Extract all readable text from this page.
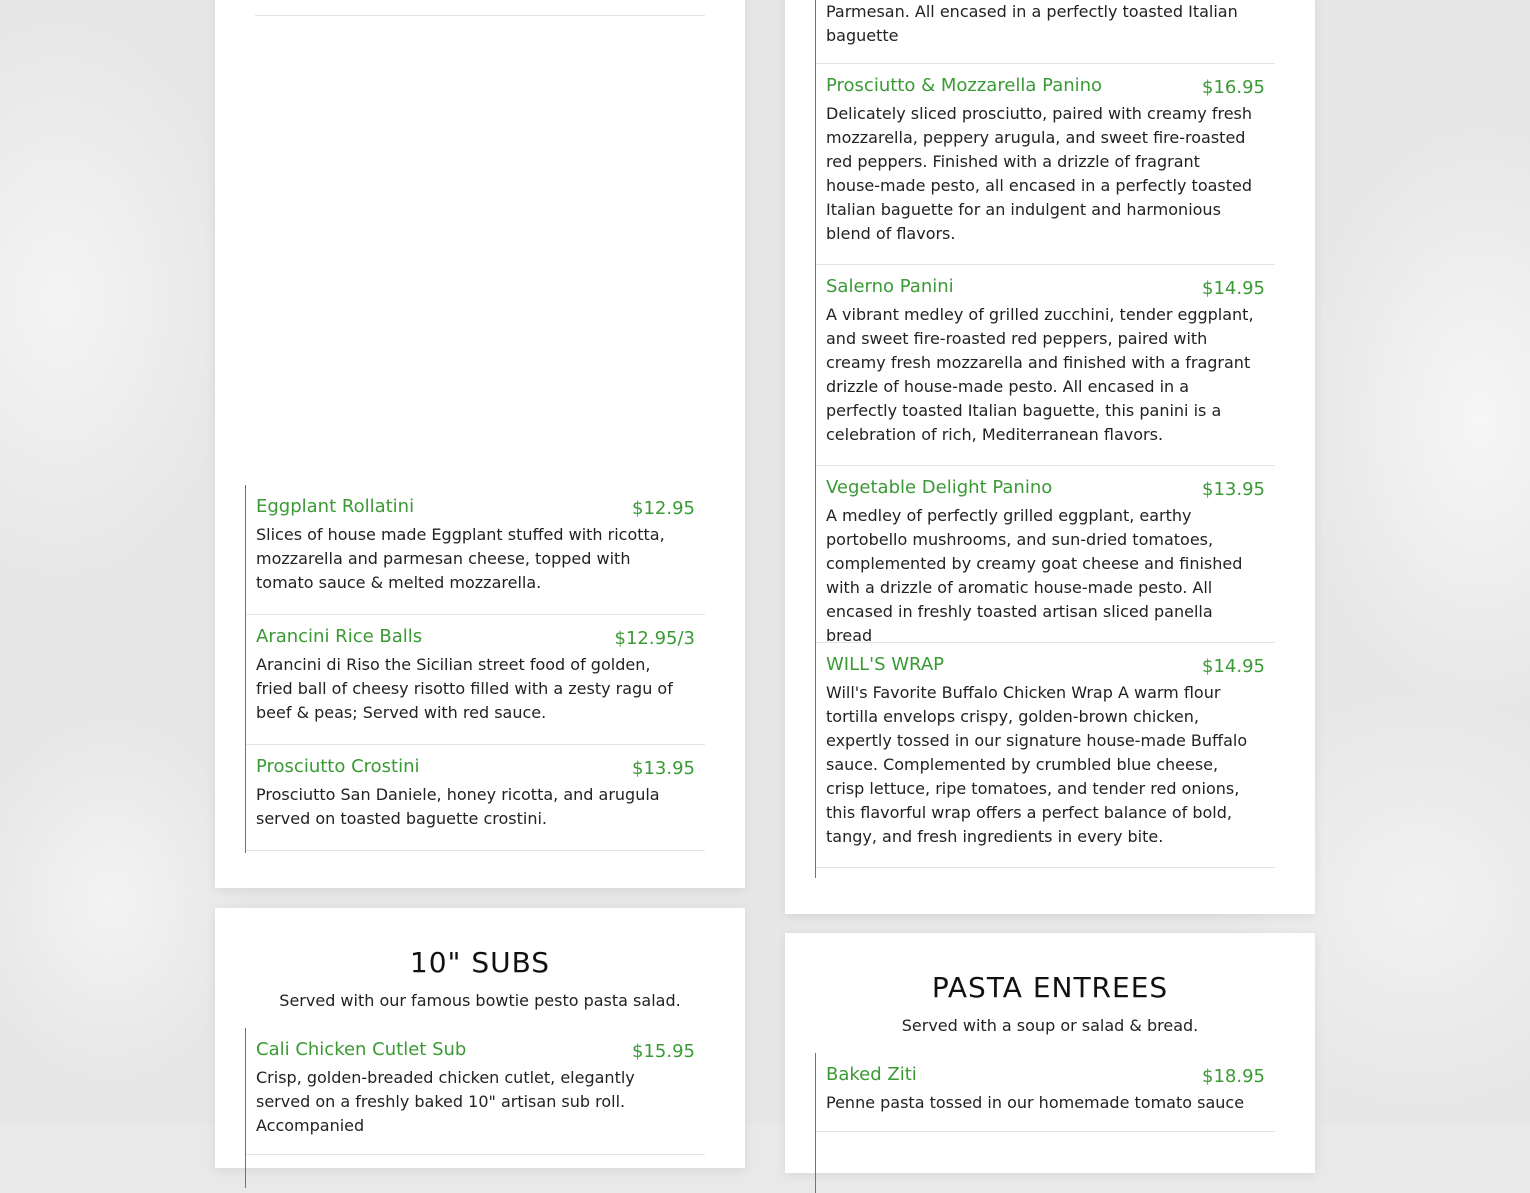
Eggplant Rollatini	$12.95
Slices of house made Eggplant stuffed with ricotta, mozzarella and parmesan cheese, topped with tomato sauce & melted mozzarella.
Arancini Rice Balls	$12.95/3
Arancini di Riso the Sicilian street food of golden, fried ball of cheesy risotto filled with a zesty ragu of beef & peas; Served with red sauce.
Prosciutto Crostini	$13.95
Prosciutto San Daniele, honey ricotta, and arugula served on toasted baguette crostini.
10" SUBS
Served with our famous bowtie pesto pasta salad.
Cali Chicken Cutlet Sub	$15.95
Crisp, golden-breaded chicken cutlet, elegantly served on a freshly baked 10" artisan sub roll. Accompanied
Parmesan. All encased in a perfectly toasted Italian baguette
Prosciutto & Mozzarella Panino	$16.95
Delicately sliced prosciutto, paired with creamy fresh mozzarella, peppery arugula, and sweet fire-roasted red peppers. Finished with a drizzle of fragrant house-made pesto, all encased in a perfectly toasted Italian baguette for an indulgent and harmonious blend of flavors.
Salerno Panini	$14.95
A vibrant medley of grilled zucchini, tender eggplant, and sweet fire-roasted red peppers, paired with creamy fresh mozzarella and finished with a fragrant drizzle of house-made pesto. All encased in a perfectly toasted Italian baguette, this panini is a celebration of rich, Mediterranean flavors.
Vegetable Delight Panino	$13.95
A medley of perfectly grilled eggplant, earthy portobello mushrooms, and sun-dried tomatoes, complemented by creamy goat cheese and finished with a drizzle of aromatic house-made pesto. All encased in freshly toasted artisan sliced panella bread
WILL'S WRAP	$14.95
Will's Favorite Buffalo Chicken Wrap A warm flour tortilla envelops crispy, golden-brown chicken, expertly tossed in our signature house-made Buffalo sauce. Complemented by crumbled blue cheese, crisp lettuce, ripe tomatoes, and tender red onions, this flavorful wrap offers a perfect balance of bold, tangy, and fresh ingredients in every bite.
PASTA ENTREES
Served with a soup or salad & bread.
Baked Ziti	$18.95
Penne pasta tossed in our homemade tomato sauce
